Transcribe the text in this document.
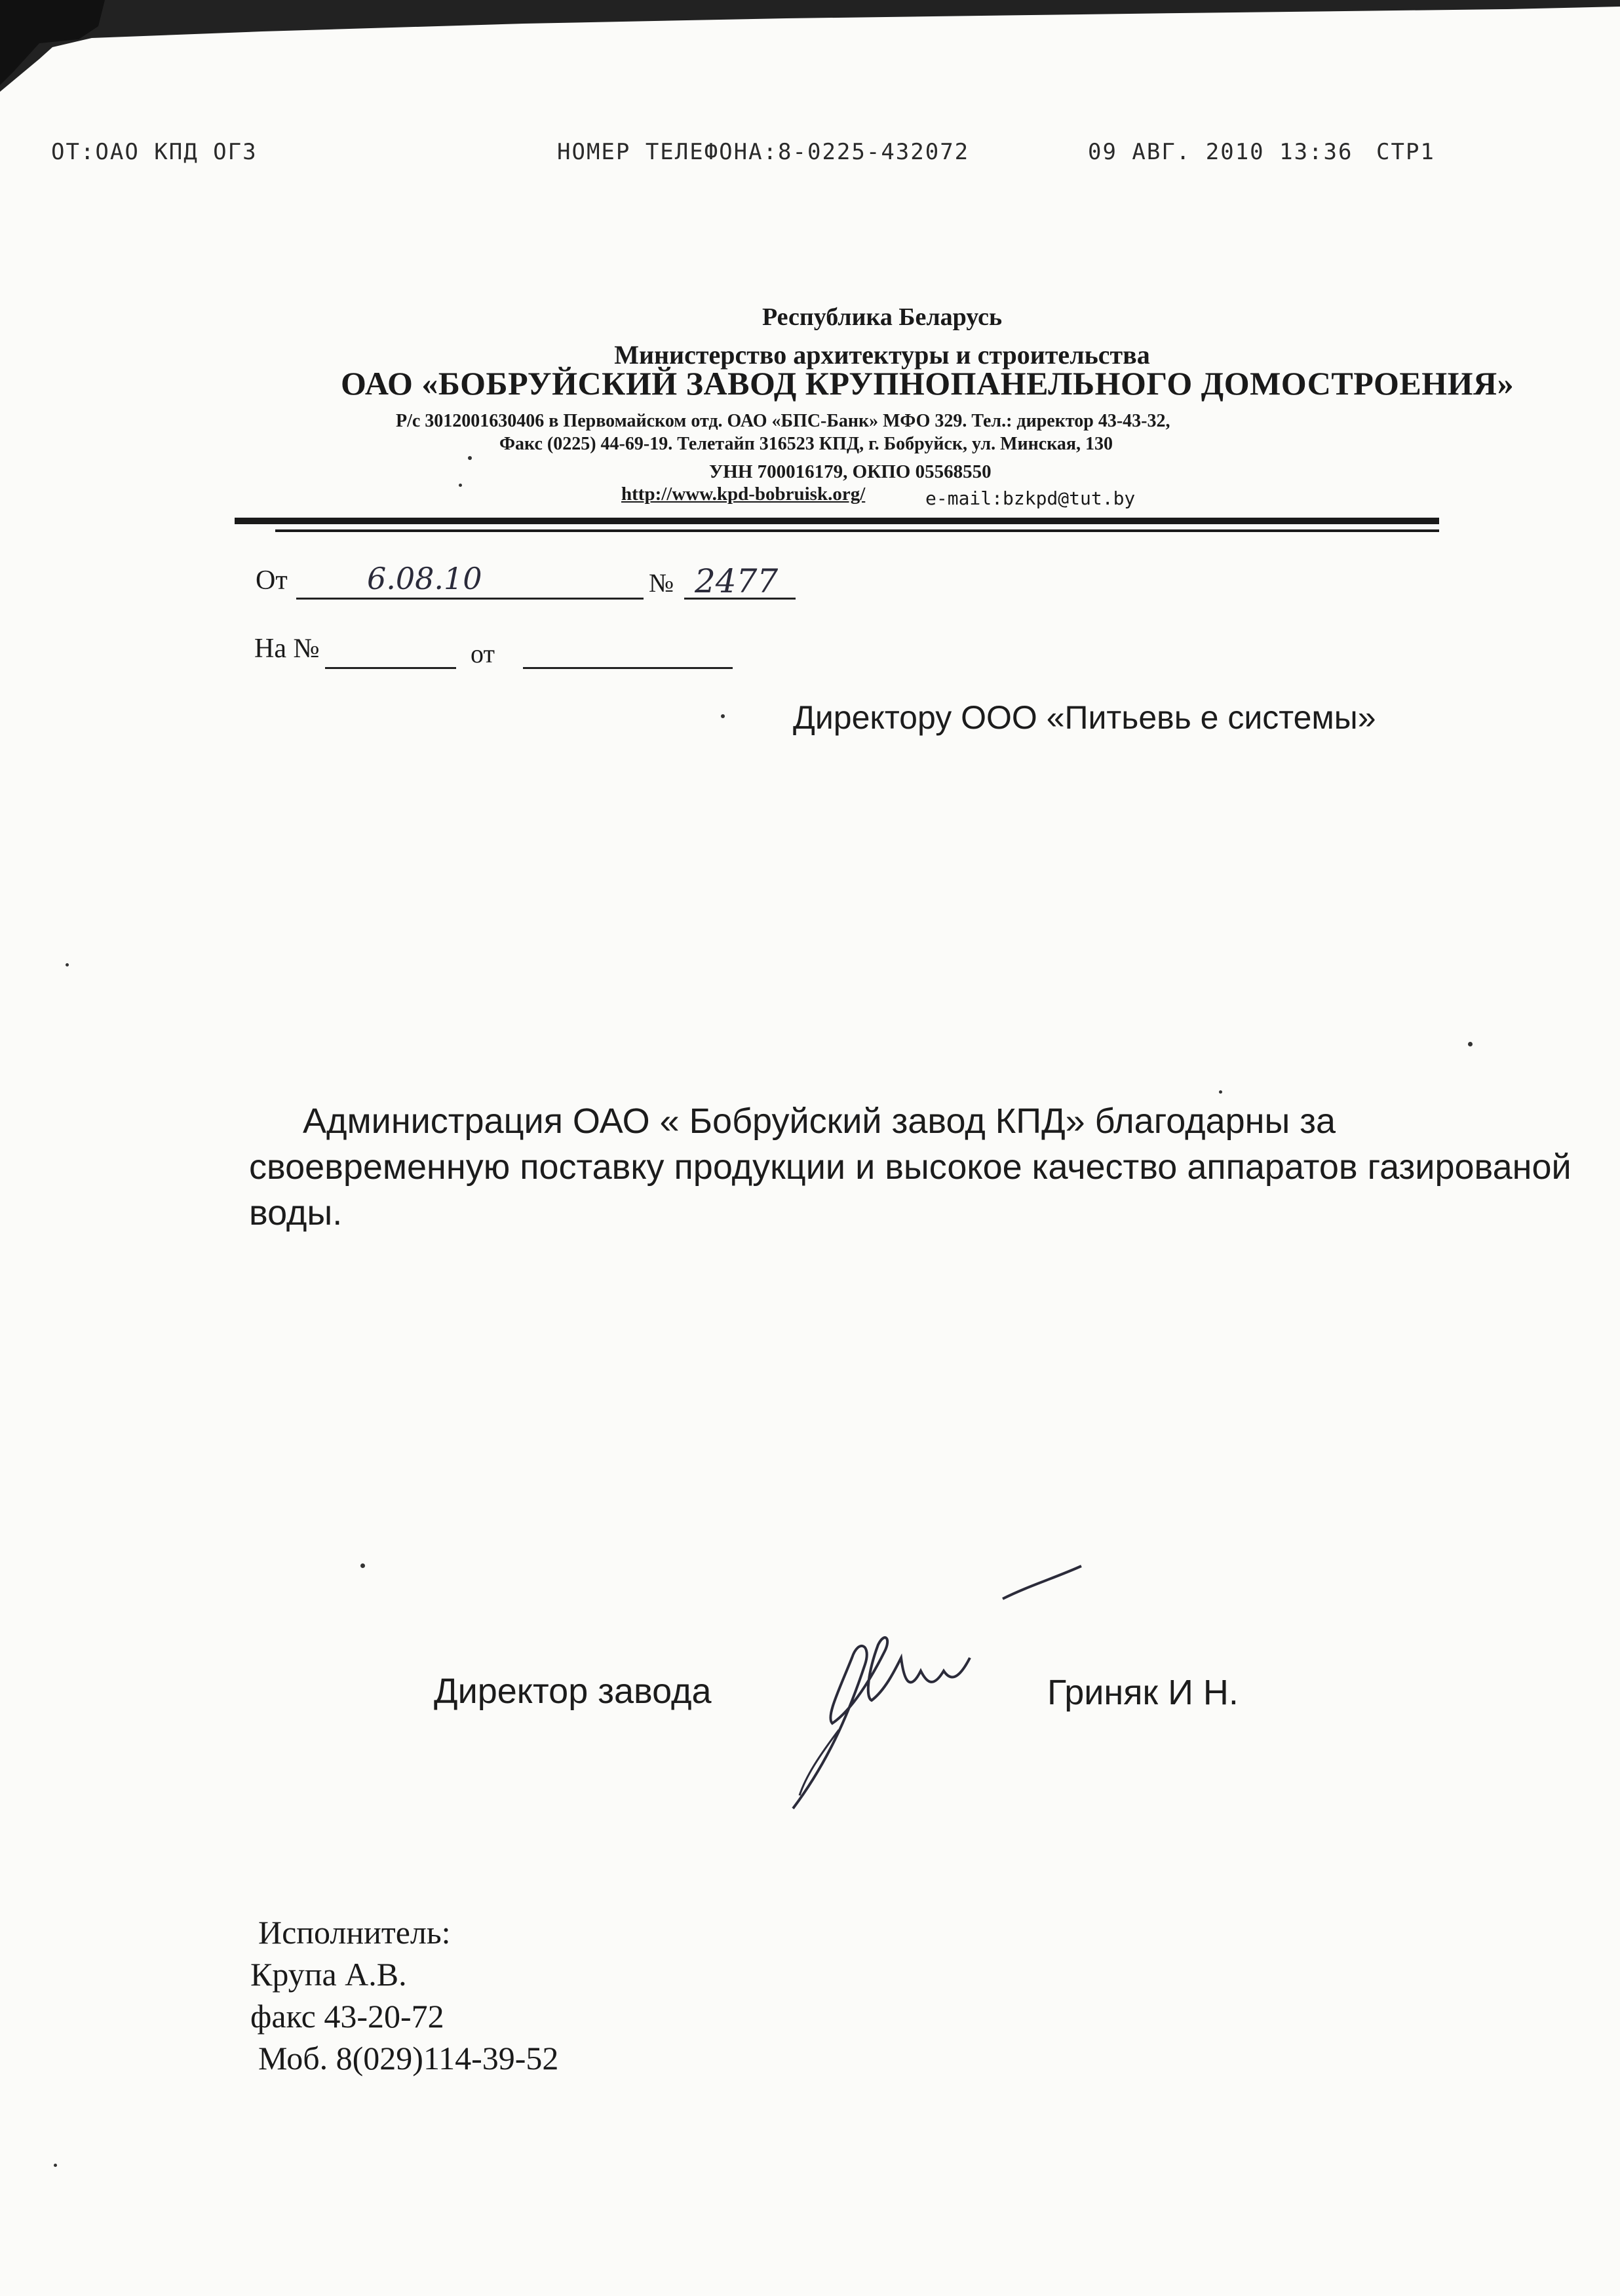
ОТ:ОАО КПД ОГЗ	НОМЕР ТЕЛЕФОНА:8-0225-432072	09 АВГ. 2010 13:36 СТР1
Республика Беларусь
Министерство архитектуры и строительства
ОАО «БОБРУЙСКИЙ ЗАВОД КРУПНОПАНЕЛЬНОГО ДОМОСТРОЕНИЯ»
Р/с 3012001630406 в Первомайском отд. ОАО «БПС-Банк» МФО 329. Тел.: директор 43-43-32,
Факс (0225) 44-69-19. Телетайп 316523 КПД, г. Бобруйск, ул. Минская, 130
УНН 700016179, ОКПО 05568550
http://www.kpd-bobruisk.org/	e-mail:bzkpd@tut.by
От	6.08.10	№ 2477
На №	от
Директору ООО «Питьевь е системы»
Администрация ОАО « Бобруйский завод КПД» благодарны за
своевременную поставку продукции и высокое качество аппаратов газированой
воды.
Директор завода	Гриняк И Н.
Исполнитель:
Крупа А.В.
факс 43-20-72
Моб. 8(029)114-39-52
